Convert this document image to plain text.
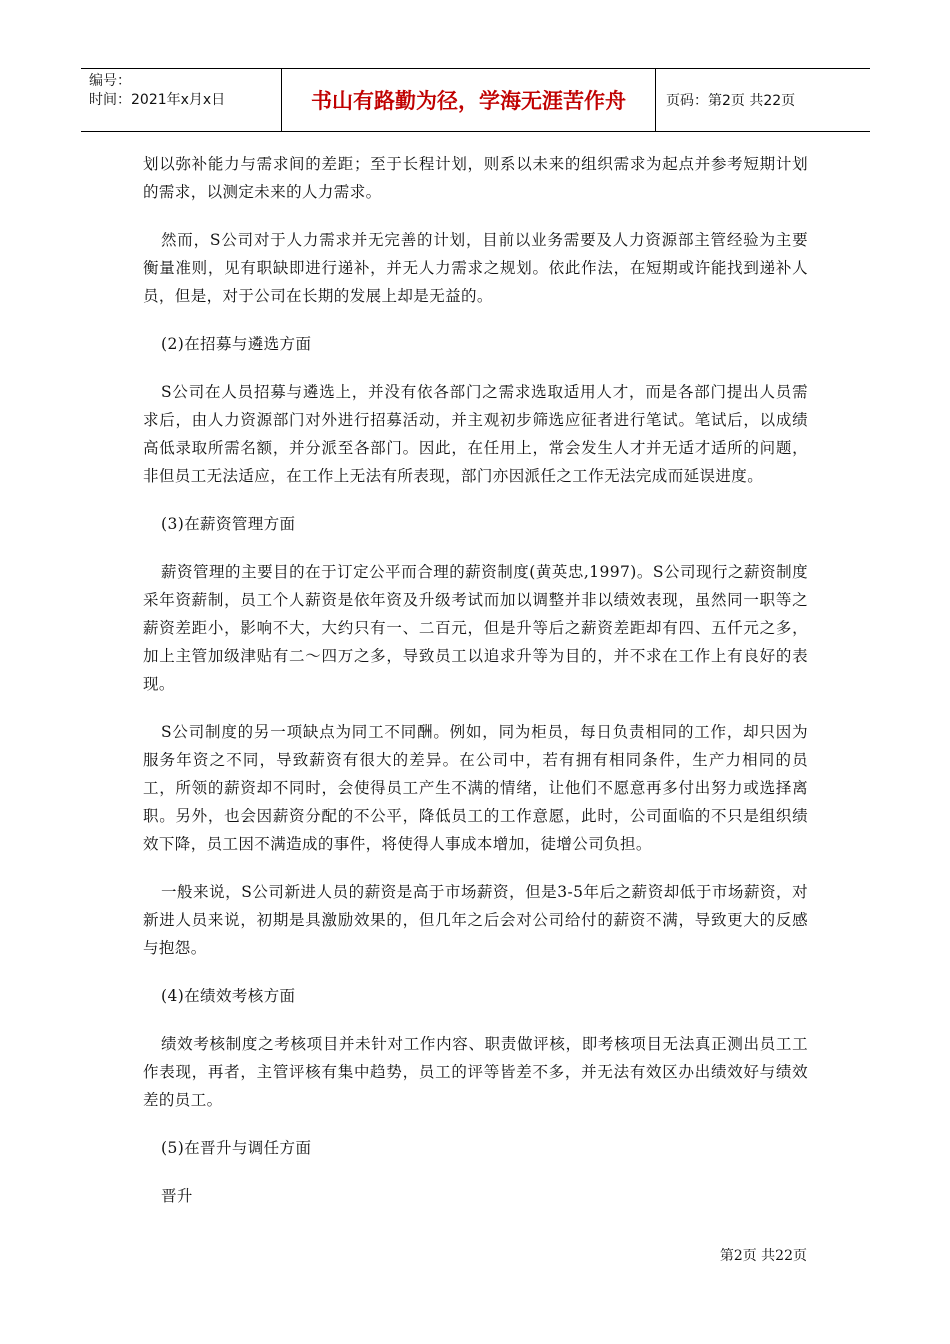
编号：
时间：2021年x月x日	书山有路勤为径，学海无涯苦作舟	页码：第2页 共22页

划以弥补能力与需求间的差距；至于长程计划，则系以未来的组织需求为起点并参考短期计划的需求，以测定未来的人力需求。

然而，S公司对于人力需求并无完善的计划，目前以业务需要及人力资源部主管经验为主要衡量准则，见有职缺即进行递补，并无人力需求之规划。依此作法，在短期或许能找到递补人员，但是，对于公司在长期的发展上却是无益的。

(2)在招募与遴选方面

S公司在人员招募与遴选上，并没有依各部门之需求选取适用人才，而是各部门提出人员需求后，由人力资源部门对外进行招募活动，并主观初步筛选应征者进行笔试。笔试后，以成绩高低录取所需名额，并分派至各部门。因此，在任用上，常会发生人才并无适才适所的问题，非但员工无法适应，在工作上无法有所表现，部门亦因派任之工作无法完成而延误进度。

(3)在薪资管理方面

薪资管理的主要目的在于订定公平而合理的薪资制度(黄英忠,1997)。S公司现行之薪资制度采年资薪制，员工个人薪资是依年资及升级考试而加以调整并非以绩效表现，虽然同一职等之薪资差距小，影响不大，大约只有一、二百元，但是升等后之薪资差距却有四、五仟元之多，加上主管加级津贴有二～四万之多，导致员工以追求升等为目的，并不求在工作上有良好的表现。

S公司制度的另一项缺点为同工不同酬。例如，同为柜员，每日负责相同的工作，却只因为服务年资之不同，导致薪资有很大的差异。在公司中，若有拥有相同条件，生产力相同的员工，所领的薪资却不同时，会使得员工产生不满的情绪，让他们不愿意再多付出努力或选择离职。另外，也会因薪资分配的不公平，降低员工的工作意愿，此时，公司面临的不只是组织绩效下降，员工因不满造成的事件，将使得人事成本增加，徒增公司负担。

一般来说，S公司新进人员的薪资是高于市场薪资，但是3-5年后之薪资却低于市场薪资，对新进人员来说，初期是具激励效果的，但几年之后会对公司给付的薪资不满，导致更大的反感与抱怨。

(4)在绩效考核方面

绩效考核制度之考核项目并未针对工作内容、职责做评核，即考核项目无法真正测出员工工作表现，再者，主管评核有集中趋势，员工的评等皆差不多，并无法有效区办出绩效好与绩效差的员工。

(5)在晋升与调任方面

晋升

第2页 共22页
